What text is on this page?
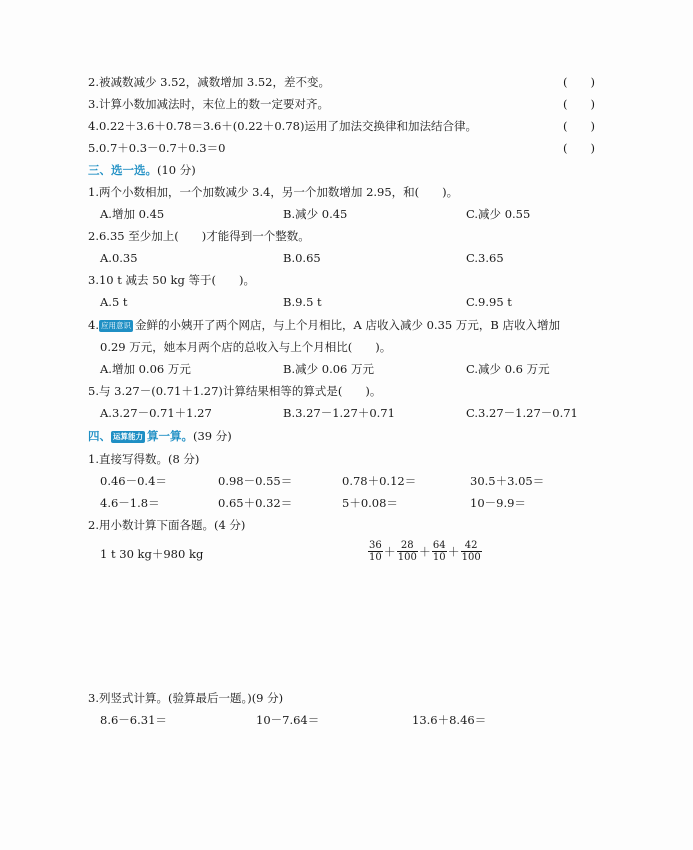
2.被减数减少 3.52，减数增加 3.52，差不变。	(　　)
3.计算小数加减法时，末位上的数一定要对齐。	(　　)
4.0.22＋3.6＋0.78＝3.6＋(0.22＋0.78)运用了加法交换律和加法结合律。	(　　)
5.0.7＋0.3－0.7＋0.3＝0	(　　)
三、选一选。(10 分)
1.两个小数相加，一个加数减少 3.4，另一个加数增加 2.95，和(　　)。
A.增加 0.45	B.减少 0.45	C.减少 0.55
2.6.35 至少加上(　　)才能得到一个整数。
A.0.35	B.0.65	C.3.65
3.10 t 减去 50 kg 等于(　　)。
A.5 t	B.9.5 t	C.9.95 t
4. 应用意识 金鲜的小姨开了两个网店，与上个月相比，A 店收入减少 0.35 万元，B 店收入增加
0.29 万元，她本月两个店的总收入与上个月相比(　　)。
A.增加 0.06 万元	B.减少 0.06 万元	C.减少 0.6 万元
5.与 3.27－(0.71＋1.27)计算结果相等的算式是(　　)。
A.3.27－0.71＋1.27	B.3.27－1.27＋0.71	C.3.27－1.27－0.71
四、 运算能力 算一算。(39 分)
1.直接写得数。(8 分)
0.46－0.4＝	0.98－0.55＝	0.78＋0.12＝	30.5＋3.05＝
4.6－1.8＝	0.65＋0.32＝	5＋0.08＝	10－9.9＝
2.用小数计算下面各题。(4 分)
1 t 30 kg＋980 kg	$\frac{36}{10} + \frac{28}{100} + \frac{64}{10} + \frac{42}{100}$
3.列竖式计算。(验算最后一题。)(9 分)
8.6－6.31＝	10－7.64＝	13.6＋8.46＝
